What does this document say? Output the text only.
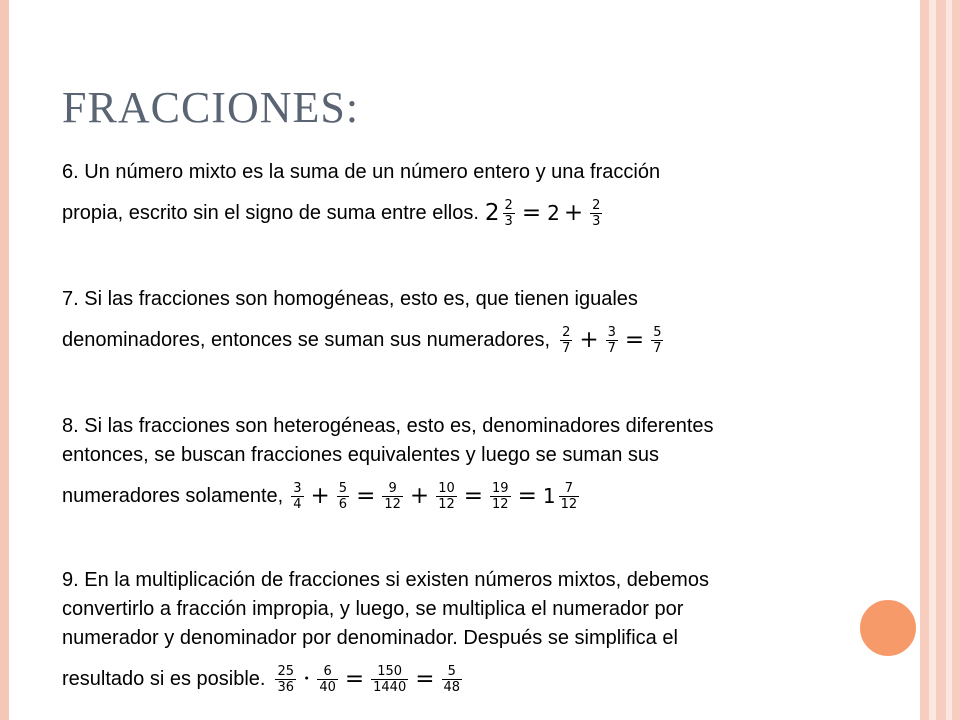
FRACCIONES:
6. Un número mixto es la suma de un número entero y una fracción
propia, escrito sin el signo de suma entre ellos. $2 \frac{2}{3} = 2 + \frac{2}{3}$
7. Si las fracciones son homogéneas, esto es, que tienen iguales
denominadores, entonces se suman sus numeradores, $\frac{2}{7} + \frac{3}{7} = \frac{5}{7}$
8. Si las fracciones son heterogéneas, esto es, denominadores diferentes
entonces, se buscan fracciones equivalentes y luego se suman sus
numeradores solamente, $\frac{3}{4} + \frac{5}{6} = \frac{9}{12} + \frac{10}{12} = \frac{19}{12} = 1 \frac{7}{12}$
9. En la multiplicación de fracciones si existen números mixtos, debemos
convertirlo a fracción impropia, y luego, se multiplica el numerador por
numerador y denominador por denominador. Después se simplifica el
resultado si es posible. $\frac{25}{36} \cdot \frac{6}{40} = \frac{150}{1440} = \frac{5}{48}$
